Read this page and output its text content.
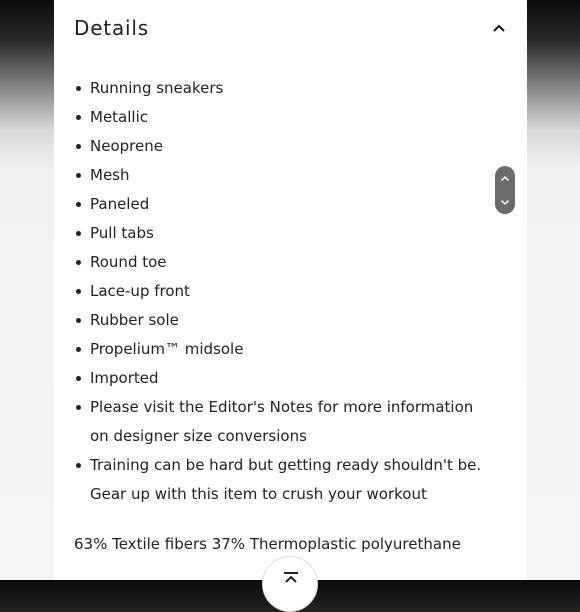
Details
Running sneakers
Metallic
Neoprene
Mesh
Paneled
Pull tabs
Round toe
Lace-up front
Rubber sole
Propelium™ midsole
Imported
Please visit the Editor's Notes for more information on designer size conversions
Training can be hard but getting ready shouldn't be. Gear up with this item to crush your workout
63% Textile fibers 37% Thermoplastic polyurethane
